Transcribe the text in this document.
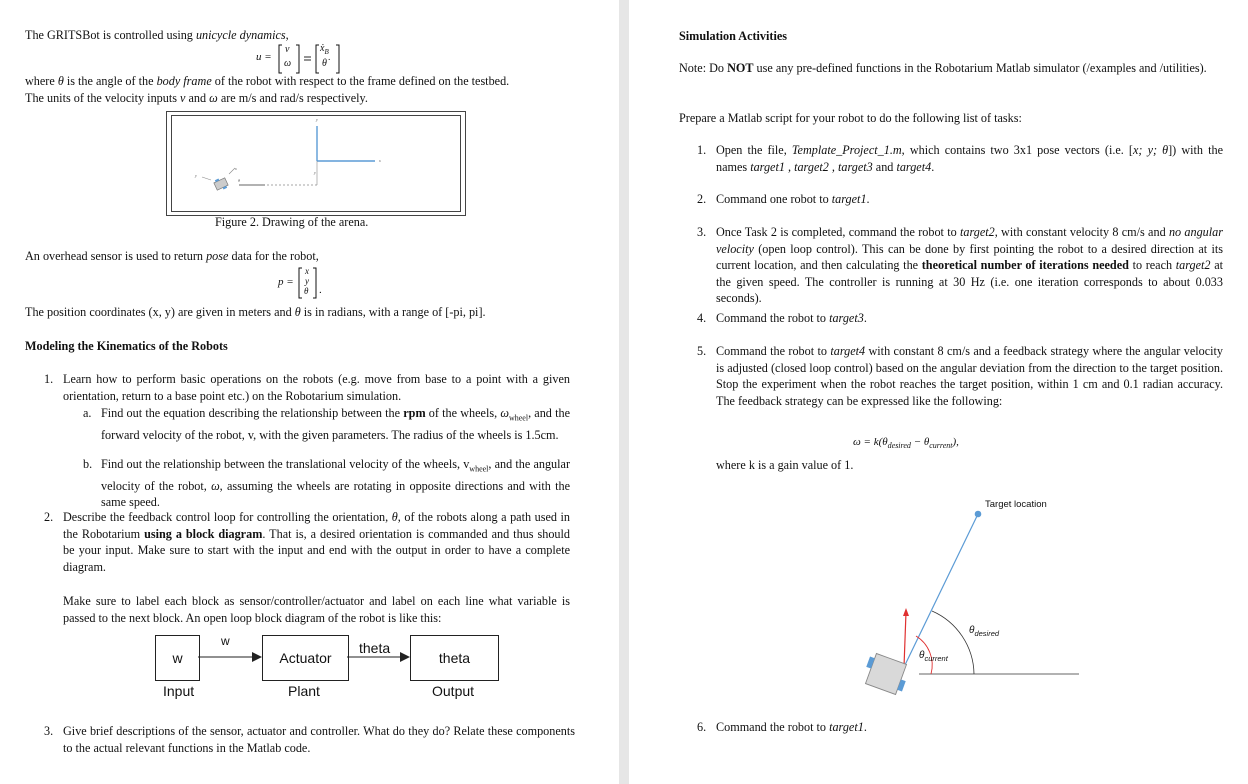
The GRITSBot is controlled using unicycle dynamics,
u =
v
ω
ẋ$_B$
θ̇
where θ is the angle of the body frame of the robot with respect to the frame defined on the testbed.
The units of the velocity inputs v and ω are m/s and rad/s respectively.
y
x
x
y
y
θ
Figure 2. Drawing of the arena.
An overhead sensor is used to return pose data for the robot,
p =
x
y
θ .
The position coordinates (x, y) are given in meters and θ is in radians, with a range of [-pi, pi].
Modeling the Kinematics of the Robots
1. Learn how to perform basic operations on the robots (e.g. move from base to a point with a given orientation, return to a base point etc.) on the Robotarium simulation.
a. Find out the equation describing the relationship between the rpm of the wheels, $\omega_{wheel}$, and the forward velocity of the robot, v, with the given parameters. The radius of the wheels is 1.5cm.
b. Find out the relationship between the translational velocity of the wheels, $v_{wheel}$, and the angular velocity of the robot, ω, assuming the wheels are rotating in opposite directions and with the same speed.
2. Describe the feedback control loop for controlling the orientation, θ, of the robots along a path used in the Robotarium using a block diagram. That is, a desired orientation is commanded and thus should be your input. Make sure to start with the input and end with the output in order to have a complete diagram.
Make sure to label each block as sensor/controller/actuator and label on each line what variable is passed to the next block. An open loop block diagram of the robot is like this:
w	Actuator	theta
w	theta
Input	Plant	Output
3. Give brief descriptions of the sensor, actuator and controller. What do they do? Relate these components to the actual relevant functions in the Matlab code.
Simulation Activities
Note: Do NOT use any pre-defined functions in the Robotarium Matlab simulator (/examples and /utilities).
Prepare a Matlab script for your robot to do the following list of tasks:
1. Open the file, Template_Project_1.m, which contains two 3x1 pose vectors (i.e. [x; y; θ]) with the names target1 , target2 , target3 and target4.
2. Command one robot to target1.
3. Once Task 2 is completed, command the robot to target2, with constant velocity 8 cm/s and no angular velocity (open loop control). This can be done by first pointing the robot to a desired direction at its current location, and then calculating the theoretical number of iterations needed to reach target2 at the given speed. The controller is running at 30 Hz (i.e. one iteration corresponds to about 0.033 seconds).
4. Command the robot to target3.
5. Command the robot to target4 with constant 8 cm/s and a feedback strategy where the angular velocity is adjusted (closed loop control) based on the angular deviation from the direction to the target position. Stop the experiment when the robot reaches the target position, within 1 cm and 0.1 radian accuracy. The feedback strategy can be expressed like the following:
$\omega = k(\theta_{desired} - \theta_{current})$,
where k is a gain value of 1.
Target location
$\theta_{desired}$
$\theta_{current}$
6. Command the robot to target1.
